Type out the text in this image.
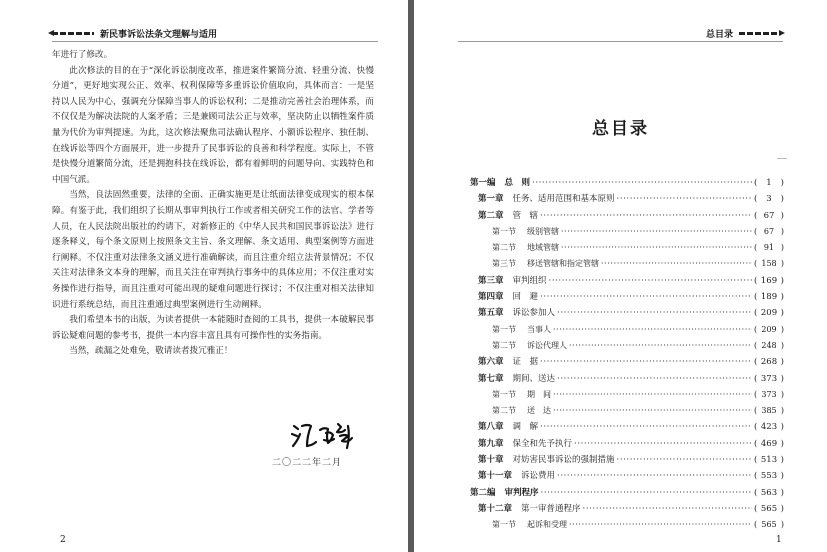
新民事诉讼法条文理解与适用

年进行了修改。

此次修法的目的在于“深化诉讼制度改革，推进案件繁简分流、轻重分流、快慢分道”，更好地实现公正、效率、权利保障等多重诉讼价值取向，具体而言：一是坚持以人民为中心，强调充分保障当事人的诉讼权利；二是推动完善社会治理体系，而不仅仅是为解决法院的人案矛盾；三是兼顾司法公正与效率，坚决防止以牺牲案件质量为代价为审判提速。为此，这次修法聚焦司法确认程序、小额诉讼程序、独任制、在线诉讼等四个方面展开，进一步提升了民事诉讼的良善和科学程度。实际上，不管是快慢分道繁简分流，还是拥抱科技在线诉讼，都有着鲜明的问题导向、实践特色和中国气派。

当然，良法固然重要，法律的全面、正确实施更是让纸面法律变成现实的根本保障。有鉴于此，我们组织了长期从事审判执行工作或者相关研究工作的法官、学者等人员，在人民法院出版社的约请下，对新修正的《中华人民共和国民事诉讼法》进行逐条释义，每个条文原则上按照条文主旨、条文理解、条文适用、典型案例等方面进行阐释。不仅注重对法律条文涵义进行准确解读，而且注重介绍立法背景情况；不仅关注对法律条文本身的理解，而且关注在审判执行事务中的具体应用；不仅注重对实务操作进行指导，而且注重对可能出现的疑难问题进行探讨；不仅注重对相关法律知识进行系统总结，而且注重通过典型案例进行生动阐释。

我们希望本书的出版，为读者提供一本能随时查阅的工具书，提供一本破解民事诉讼疑难问题的参考书，提供一本内容丰富且具有可操作性的实务指南。

当然，疏漏之处难免，敬请读者拨冗雅正！

二〇二二年二月
2
总目录
总目录
第一编 总　则 ·····	(	1	)
第一章 任务、适用范围和基本原则 ·····	(	3	)
第二章 管　辖 ·····	( 67 )
第一节 级别管辖 ·····	( 67 )
第二节 地域管辖 ·····	( 91 )
第三节 移送管辖和指定管辖 ·····	( 158 )
第三章 审判组织 ·····	( 169 )
第四章 回　避 ·····	( 189 )
第五章 诉讼参加人 ·····	( 209 )
第一节 当事人 ·····	( 209 )
第二节 诉讼代理人 ·····	( 248 )
第六章 证　据 ·····	( 268 )
第七章 期间、送达 ·····	( 373 )
第一节 期　间 ·····	( 373 )
第二节 送　达 ·····	( 385 )
第八章 调　解 ·····	( 423 )
第九章 保全和先予执行 ·····	( 469 )
第十章 对妨害民事诉讼的强制措施 ·····	( 513 )
第十一章 诉讼费用 ·····	( 553 )
第二编 审判程序 ·····	( 563 )
第十二章 第一审普通程序 ·····	( 565 )
第一节 起诉和受理 ·····	( 565 )
1
